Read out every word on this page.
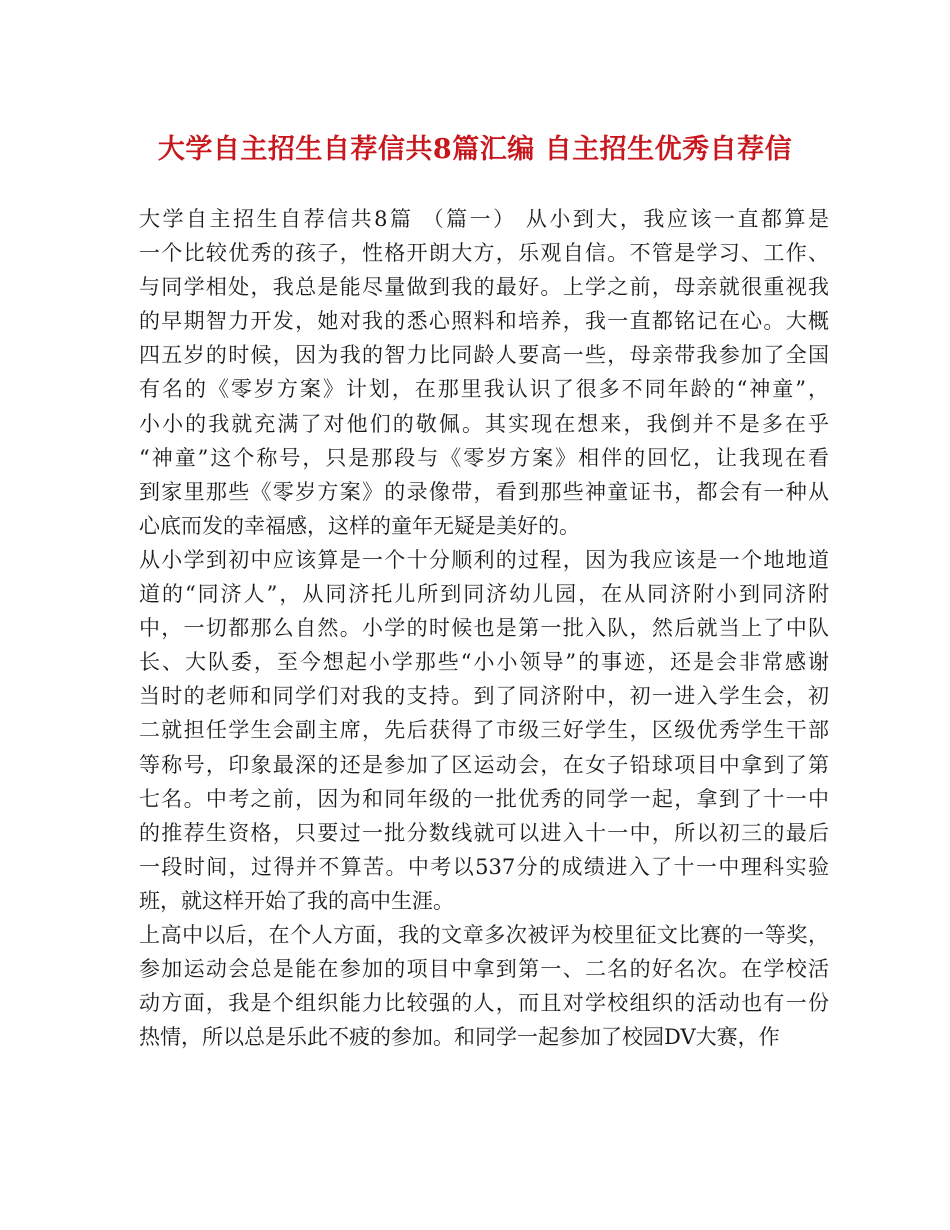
大学自主招生自荐信共8篇汇编 自主招生优秀自荐信
大学自主招生自荐信共8篇 （篇一） 从小到大，我应该一直都算是
一个比较优秀的孩子，性格开朗大方，乐观自信。不管是学习、工作、
与同学相处，我总是能尽量做到我的最好。上学之前，母亲就很重视我
的早期智力开发，她对我的悉心照料和培养，我一直都铭记在心。大概
四五岁的时候，因为我的智力比同龄人要高一些，母亲带我参加了全国
有名的《零岁方案》计划，在那里我认识了很多不同年龄的“神童”，
小小的我就充满了对他们的敬佩。其实现在想来，我倒并不是多在乎
“神童”这个称号，只是那段与《零岁方案》相伴的回忆，让我现在看
到家里那些《零岁方案》的录像带，看到那些神童证书，都会有一种从
心底而发的幸福感，这样的童年无疑是美好的。
从小学到初中应该算是一个十分顺利的过程，因为我应该是一个地地道
道的“同济人”，从同济托儿所到同济幼儿园，在从同济附小到同济附
中，一切都那么自然。小学的时候也是第一批入队，然后就当上了中队
长、大队委，至今想起小学那些“小小领导”的事迹，还是会非常感谢
当时的老师和同学们对我的支持。到了同济附中，初一进入学生会，初
二就担任学生会副主席，先后获得了市级三好学生，区级优秀学生干部
等称号，印象最深的还是参加了区运动会，在女子铅球项目中拿到了第
七名。中考之前，因为和同年级的一批优秀的同学一起，拿到了十一中
的推荐生资格，只要过一批分数线就可以进入十一中，所以初三的最后
一段时间，过得并不算苦。中考以537分的成绩进入了十一中理科实验
班，就这样开始了我的高中生涯。
上高中以后，在个人方面，我的文章多次被评为校里征文比赛的一等奖，
参加运动会总是能在参加的项目中拿到第一、二名的好名次。在学校活
动方面，我是个组织能力比较强的人，而且对学校组织的活动也有一份
热情，所以总是乐此不疲的参加。和同学一起参加了校园DV大赛，作
